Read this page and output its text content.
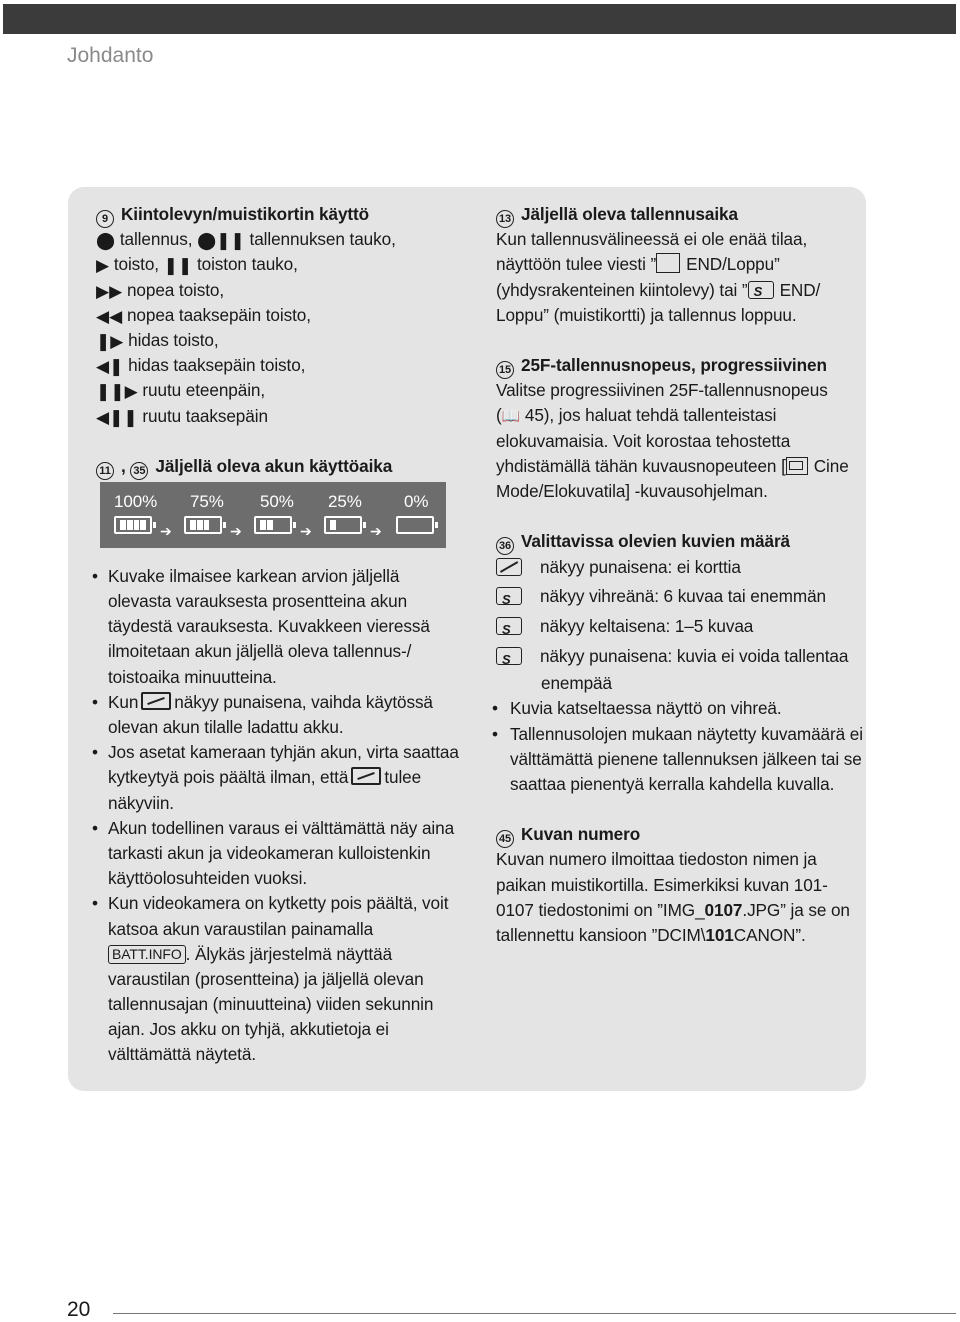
Johdanto
9 Kiintolevyn/muistikortin käyttö
⬤ tallennus, ⬤❚❚ tallennuksen tauko,
▶ toisto, ❚❚ toiston tauko,
▶▶ nopea toisto,
◀◀ nopea taaksepäin toisto,
❚▶ hidas toisto,
◀❚ hidas taaksepäin toisto,
❚❚▶ ruutu eteenpäin,
◀❚❚ ruutu taaksepäin
11 , 35 Jäljellä oleva akun käyttöaika
100% 75% 50% 25% 0%
➔	➔	➔	➔
• Kuvake ilmaisee karkean arvion jäljellä
olevasta varauksesta prosentteina akun
täydestä varauksesta. Kuvakkeen vieressä
ilmoitetaan akun jäljellä oleva tallennus-/
toistoaika minuutteina.
• Kun näkyy punaisena, vaihda käytössä
olevan akun tilalle ladattu akku.
• Jos asetat kameraan tyhjän akun, virta saattaa
kytkeytyä pois päältä ilman, että tulee
näkyviin.
• Akun todellinen varaus ei välttämättä näy aina
tarkasti akun ja videokameran kulloistenkin
käyttöolosuhteiden vuoksi.
• Kun videokamera on kytketty pois päältä, voit
katsoa akun varaustilan painamalla
BATT.INFO . Älykäs järjestelmä näyttää
varaustilan (prosentteina) ja jäljellä olevan
tallennusajan (minuutteina) viiden sekunnin
ajan. Jos akku on tyhjä, akkutietoja ei
välttämättä näytetä.
13 Jäljellä oleva tallennusaika
Kun tallennusvälineessä ei ole enää tilaa,
näyttöön tulee viesti ” END/Loppu”
(yhdysrakenteinen kiintolevy) tai ”S END/
Loppu” (muistikortti) ja tallennus loppuu.
15 25F-tallennusnopeus, progressiivinen
Valitse progressiivinen 25F-tallennusnopeus
(📖 45), jos haluat tehdä tallenteistasi
elokuvamaisia. Voit korostaa tehostetta
yhdistämällä tähän kuvausnopeuteen [ Cine
Mode/Elokuvatila] -kuvausohjelman.
36 Valittavissa olevien kuvien määrä
näkyy punaisena: ei korttia
Snäkyy vihreänä: 6 kuvaa tai enemmän
Snäkyy keltaisena: 1–5 kuvaa
Snäkyy punaisena: kuvia ei voida tallentaa
enempää
• Kuvia katseltaessa näyttö on vihreä.
• Tallennusolojen mukaan näytetty kuvamäärä ei
välttämättä pienene tallennuksen jälkeen tai se
saattaa pienentyä kerralla kahdella kuvalla.
45 Kuvan numero
Kuvan numero ilmoittaa tiedoston nimen ja
paikan muistikortilla. Esimerkiksi kuvan 101-
0107 tiedostonimi on ”IMG_0107.JPG” ja se on
tallennettu kansioon ”DCIM\101CANON”.
20
